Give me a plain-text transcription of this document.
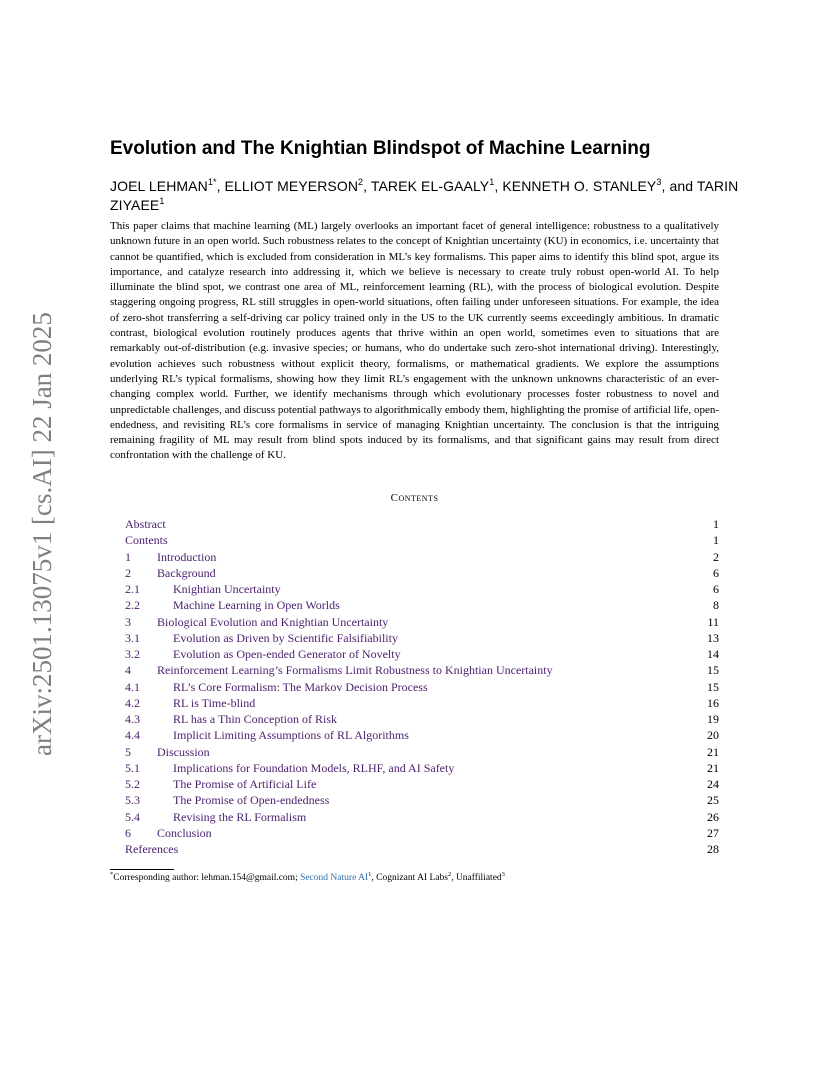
arXiv:2501.13075v1 [cs.AI] 22 Jan 2025
Evolution and The Knightian Blindspot of Machine Learning
JOEL $LEHMAN^{1*}$, ELLIOT MEYERSON$^2$, TAREK EL-GAALY$^1$, KENNETH O. STANLEY$^3$, and TARIN ZIYAEE$^1$
This paper claims that machine learning (ML) largely overlooks an important facet of general intelligence: robustness to a qualitatively unknown future in an open world. Such robustness relates to the concept of Knightian uncertainty (KU) in economics, i.e. uncertainty that cannot be quantified, which is excluded from consideration in ML’s key formalisms. This paper aims to identify this blind spot, argue its importance, and catalyze research into addressing it, which we believe is necessary to create truly robust open-world AI. To help illuminate the blind spot, we contrast one area of ML, reinforcement learning (RL), with the process of biological evolution. Despite staggering ongoing progress, RL still struggles in open-world situations, often failing under unforeseen situations. For example, the idea of zero-shot transferring a self-driving car policy trained only in the US to the UK currently seems exceedingly ambitious. In dramatic contrast, biological evolution routinely produces agents that thrive within an open world, sometimes even to situations that are remarkably out-of-distribution (e.g. invasive species; or humans, who do undertake such zero-shot international driving). Interestingly, evolution achieves such robustness without explicit theory, formalisms, or mathematical gradients. We explore the assumptions underlying RL’s typical formalisms, showing how they limit RL’s engagement with the unknown unknowns characteristic of an ever-changing complex world. Further, we identify mechanisms through which evolutionary processes foster robustness to novel and unpredictable challenges, and discuss potential pathways to algorithmically embody them, highlighting the promise of artificial life, open-endedness, and revisiting RL’s core formalisms in service of managing Knightian uncertainty. The conclusion is that the intriguing remaining fragility of ML may result from blind spots induced by its formalisms, and that significant gains may result from direct confrontation with the challenge of KU.
Contents
Abstract	1
Contents	1
1 Introduction	2
2 Background	6
2.1	Knightian Uncertainty	6
2.2	Machine Learning in Open Worlds	8
3 Biological Evolution and Knightian Uncertainty	11
3.1	Evolution as Driven by Scientific Falsifiability	13
3.2	Evolution as Open-ended Generator of Novelty	14
4 Reinforcement Learning’s Formalisms Limit Robustness to Knightian Uncertainty	15
4.1	RL’s Core Formalism: The Markov Decision Process	15
4.2	RL is Time-blind	16
4.3	RL has a Thin Conception of Risk	19
4.4	Implicit Limiting Assumptions of RL Algorithms	20
5 Discussion	21
5.1	Implications for Foundation Models, RLHF, and AI Safety	21
5.2	The Promise of Artificial Life	24
5.3	The Promise of Open-endedness	25
5.4	Revising the RL Formalism	26
6 Conclusion	27
References	28
*Corresponding author: lehman.154@gmail.com; Second Nature $AI^1$, Cognizant AI Labs$^2$, Unaffiliated$^3$
